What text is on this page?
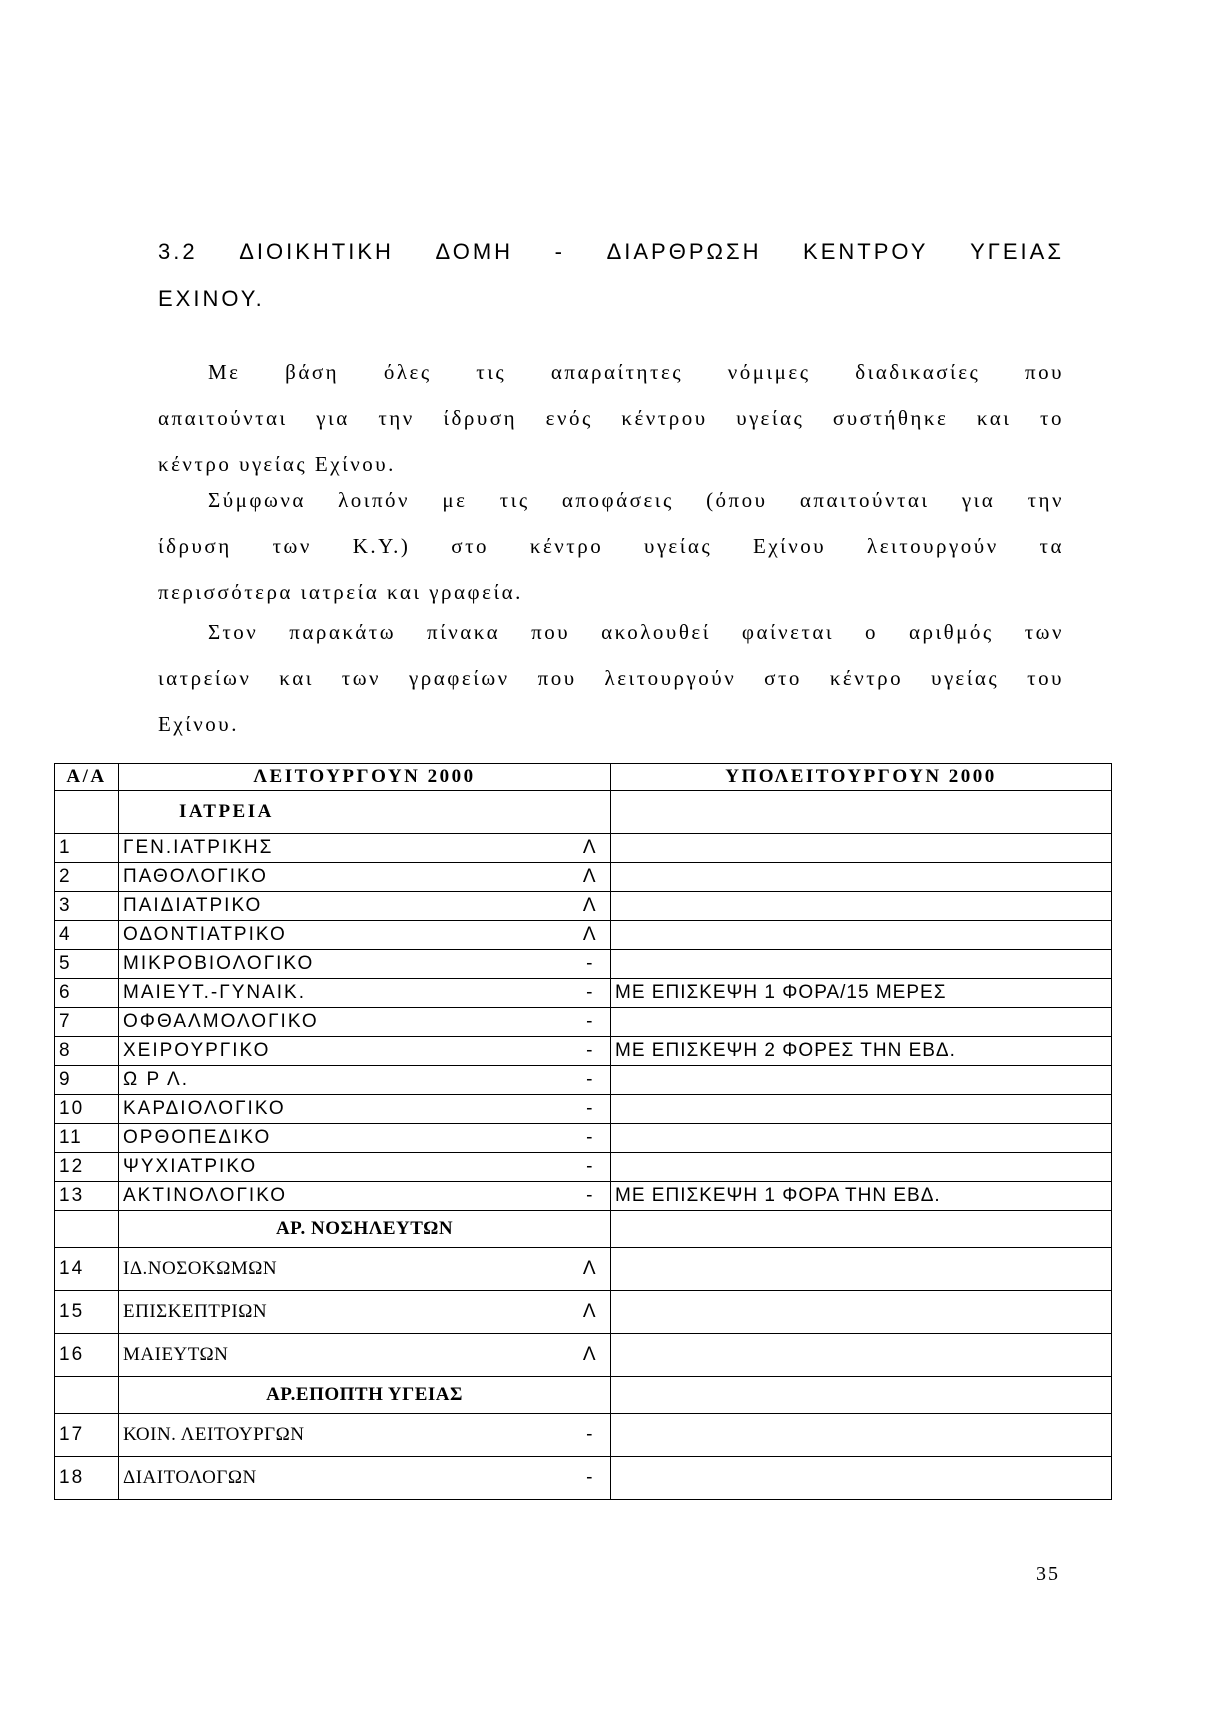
3.2 ΔΙΟΙΚΗΤΙΚΗ ΔΟΜΗ - ΔΙΑΡΘΡΩΣΗ ΚΕΝΤΡΟΥ ΥΓΕΙΑΣ
ΕΧΙΝΟΥ.
Με βάση όλες τις απαραίτητες νόμιμες διαδικασίες που
απαιτούνται για την ίδρυση ενός κέντρου υγείας συστήθηκε και το
κέντρο υγείας Εχίνου.
Σύμφωνα λοιπόν με τις αποφάσεις (όπου απαιτούνται για την
ίδρυση των Κ.Υ.) στο κέντρο υγείας Εχίνου λειτουργούν τα
περισσότερα ιατρεία και γραφεία.
Στον παρακάτω πίνακα που ακολουθεί φαίνεται ο αριθμός των
ιατρείων και των γραφείων που λειτουργούν στο κέντρο υγείας του
Εχίνου.
Α/Α	ΛΕΙΤΟΥΡΓΟΥΝ 2000		ΥΠΟΛΕΙΤΟΥΡΓΟΥΝ 2000
	ΙΑΤΡΕΙΑ		
1	ΓΕΝ.ΙΑΤΡΙΚΗΣ	Λ	
2	ΠΑΘΟΛΟΓΙΚΟ	Λ	
3	ΠΑΙΔΙΑΤΡΙΚΟ	Λ	
4	ΟΔΟΝΤΙΑΤΡΙΚΟ	Λ	
5	ΜΙΚΡΟΒΙΟΛΟΓΙΚΟ	-	
6	ΜΑΙΕΥΤ.-ΓΥΝΑΙΚ.	-	ΜΕ ΕΠΙΣΚΕΨΗ 1 ΦΟΡΑ/15 ΜΕΡΕΣ
7	ΟΦΘΑΛΜΟΛΟΓΙΚΟ	-	
8	ΧΕΙΡΟΥΡΓΙΚΟ	-	ΜΕ ΕΠΙΣΚΕΨΗ 2 ΦΟΡΕΣ ΤΗΝ ΕΒΔ.
9	Ω Ρ Λ.	-	
10	ΚΑΡΔΙΟΛΟΓΙΚΟ	-	
11	ΟΡΘΟΠΕΔΙΚΟ	-	
12	ΨΥΧΙΑΤΡΙΚΟ	-	
13	ΑΚΤΙΝΟΛΟΓΙΚΟ	-	ΜΕ ΕΠΙΣΚΕΨΗ 1 ΦΟΡΑ ΤΗΝ ΕΒΔ.
	ΑΡ. ΝΟΣΗΛΕΥΤΩΝ		
14	ΙΔ.ΝΟΣΟΚΩΜΩΝ	Λ	
15	ΕΠΙΣΚΕΠΤΡΙΩΝ	Λ	
16	ΜΑΙΕΥΤΩΝ	Λ	
	ΑΡ.ΕΠΟΠΤΗ ΥΓΕΙΑΣ		
17	ΚΟΙΝ. ΛΕΙΤΟΥΡΓΩΝ	-	
18	ΔΙΑΙΤΟΛΟΓΩΝ	-	
35
